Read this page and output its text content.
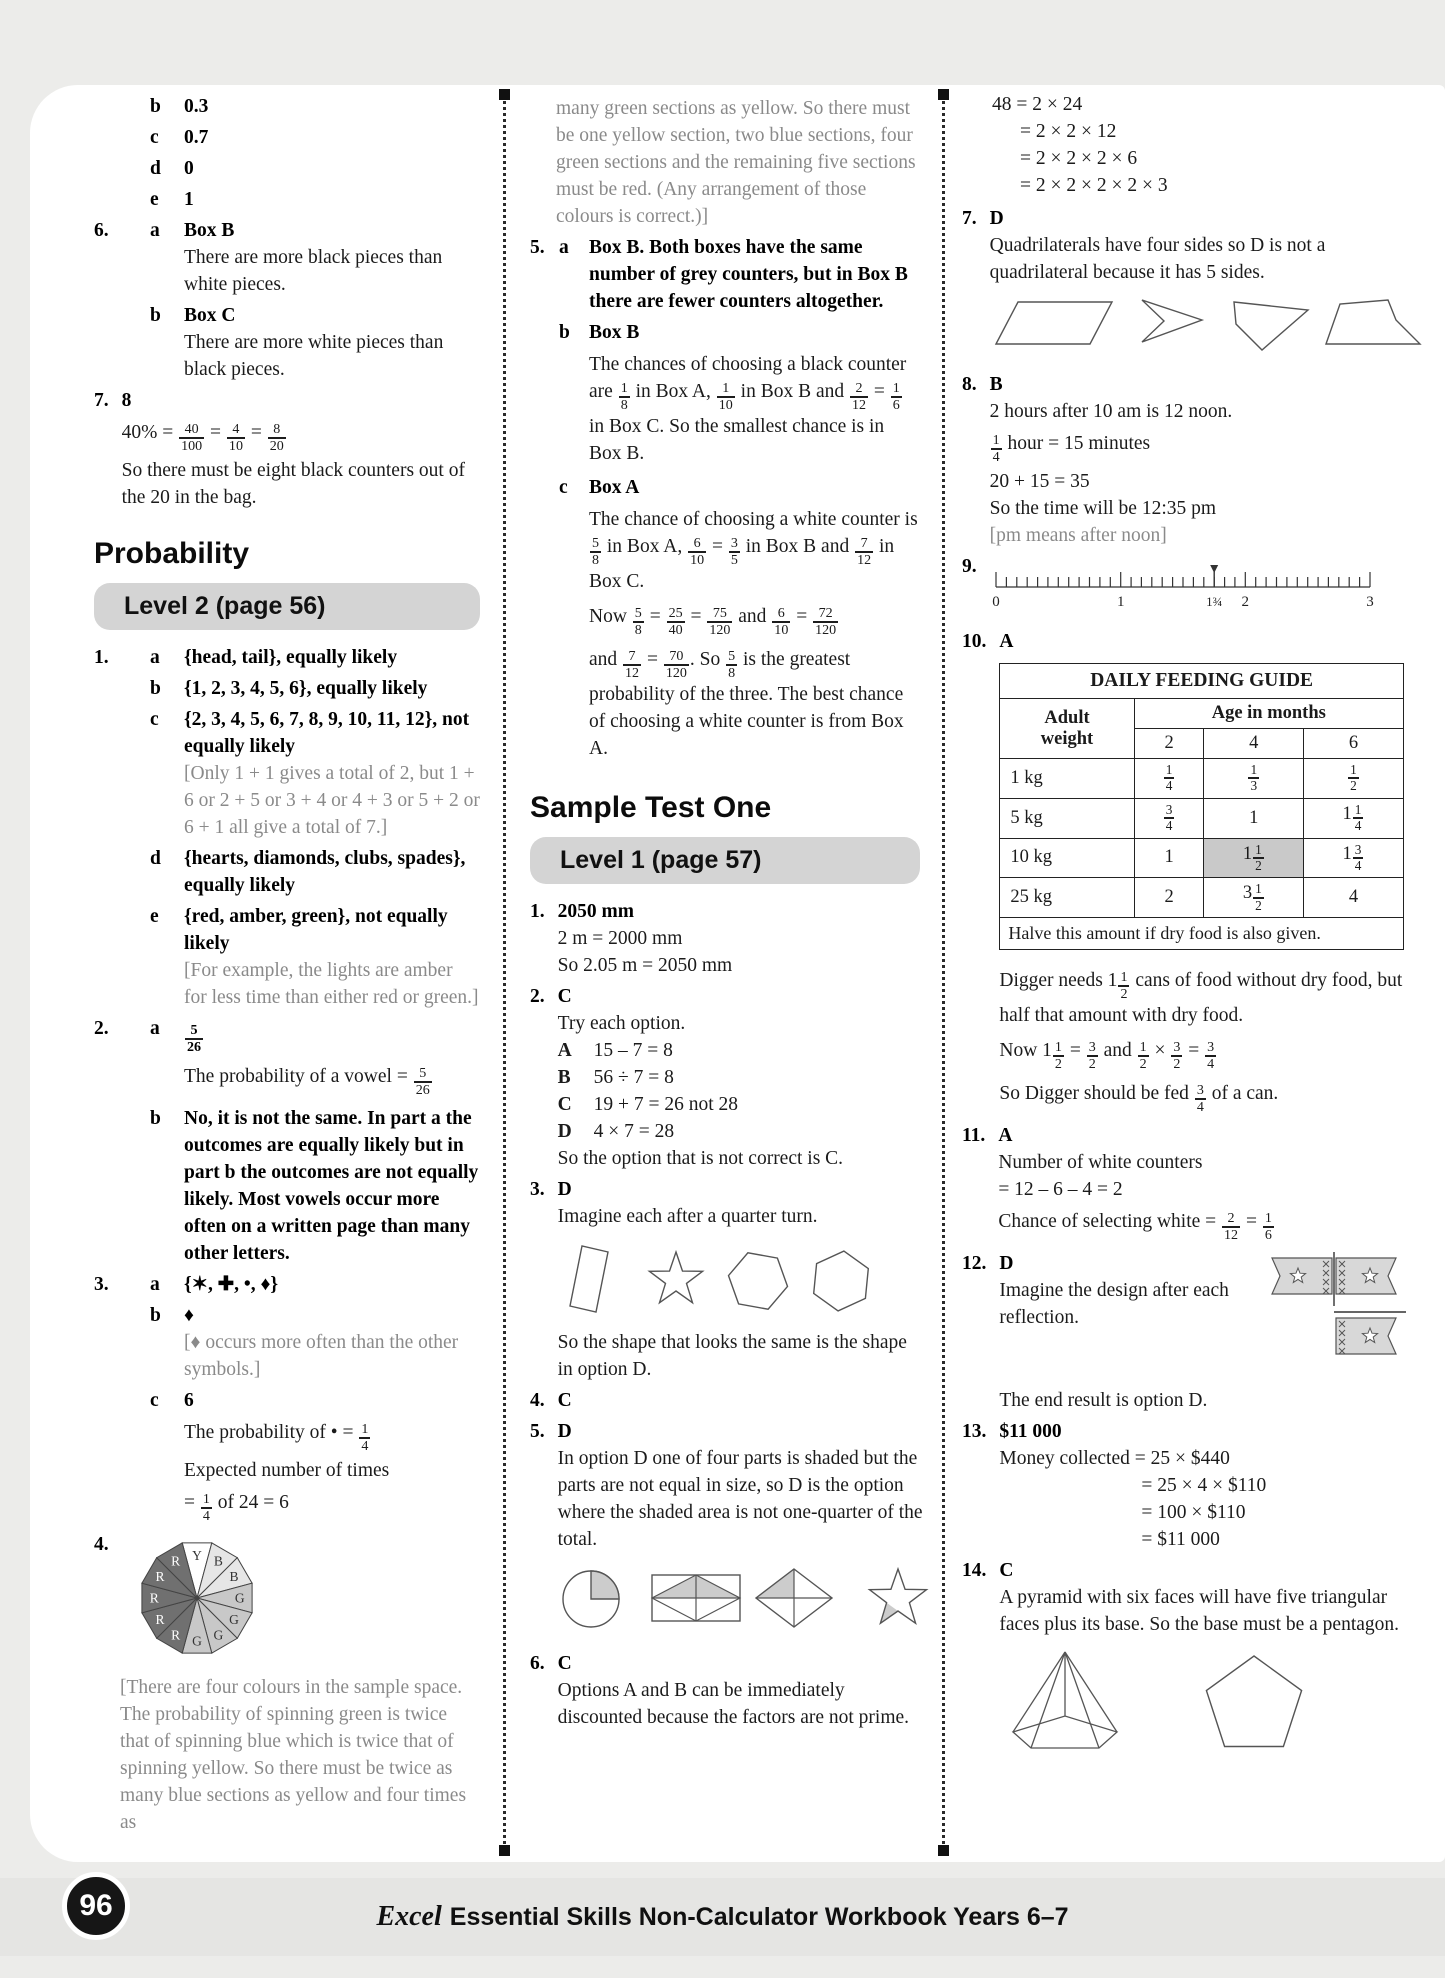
b	0.3
c	0.7
d	0
e	1
6.	a	Box B
There are more black pieces than white pieces.
b	Box C
There are more white pieces than black pieces.
7. 8
$40\% = \frac{40}{100} = \frac{4}{10} = \frac{8}{20}$
So there must be eight black counters out of the 20 in the bag.
Probability
Level 2 (page 56)
1.	a	{head, tail}, equally likely
b	{1, 2, 3, 4, 5, 6}, equally likely
c	{2, 3, 4, 5, 6, 7, 8, 9, 10, 11, 12}, not equally likely
[Only 1 + 1 gives a total of 2, but 1 + 6 or 2 + 5 or 3 + 4 or 4 + 3 or 5 + 2 or 6 + 1 all give a total of 7.]
d	{hearts, diamonds, clubs, spades}, equally likely
e	{red, amber, green}, not equally likely
[For example, the lights are amber for less time than either red or green.]
2.	a	$\frac{5}{26}$
The probability of a vowel = $\frac{5}{26}$
b	No, it is not the same. In part a the outcomes are equally likely but in part b the outcomes are not equally likely. Most vowels occur more often on a written page than many other letters.
3.	a	{✶, ✚, •, ♦}
b	♦
[♦ occurs more often than the other symbols.]
c	6
The probability of • = $\frac{1}{4}$
Expected number of times
= $\frac{1}{4}$ of 24 = 6
4.
Y B
B
G
G
G
G
R
R
R
R
R
[There are four colours in the sample space. The probability of spinning green is twice that of spinning blue which is twice that of spinning yellow. So there must be twice as many blue sections as yellow and four times as
many green sections as yellow. So there must be one yellow section, two blue sections, four green sections and the remaining five sections must be red. (Any arrangement of those colours is correct.)]
5. a	Box B. Both boxes have the same number of grey counters, but in Box B there are fewer counters altogether.
b Box B
The chances of choosing a black counter are $\frac{1}{8}$ in Box A, $\frac{1}{10}$ in Box B and $\frac{2}{12} = \frac{1}{6}$
in Box C. So the smallest chance is in Box B.
c	Box A
The chance of choosing a white counter is
$\frac{5}{8}$ in Box A, $\frac{6}{10} = \frac{3}{5}$ in Box B and $\frac{7}{12}$ in Box C.
Now $\frac{5}{8} = \frac{25}{40} = \frac{75}{120}$ and $\frac{6}{10} = \frac{72}{120}$
and $\frac{7}{12} = \frac{70}{120}$ . So $\frac{5}{8}$ is the greatest probability of the three. The best chance of choosing a white counter is from Box A.
Sample Test One
Level 1 (page 57)
1. 2050 mm
2 m = 2000 mm
So 2.05 m = 2050 mm
2. C
Try each option.
A 15 – 7 = 8
B 56 ÷ 7 = 8
C 19 + 7 = 26 not 28
D 4 × 7 = 28
So the option that is not correct is C.
3. D
Imagine each after a quarter turn.
So the shape that looks the same is the shape in option D.
4. C
5. D
In option D one of four parts is shaded but the parts are not equal in size, so D is the option where the shaded area is not one-quarter of the total.
6. C
Options A and B can be immediately discounted because the factors are not prime.
48 = 2 × 24
= 2 × 2 × 12
= 2 × 2 × 2 × 6
= 2 × 2 × 2 × 2 × 3
7. D
Quadrilaterals have four sides so D is not a quadrilateral because it has 5 sides.
8. B
2 hours after 10 am is 12 noon.
$\frac{1}{4}$ hour = 15 minutes
20 + 15 = 35
So the time will be 12:35 pm
[pm means after noon]
9.
0	1	1¾ 2	3
10. A
DAILY FEEDING GUIDE			
Adult
weight	Age in months		
	2	4	6
1 kg	$\frac{1}{4}$	$\frac{1}{3}$	$\frac{1}{2}$

5 kg	$\frac{3}{4}$	1	$1 \frac{1}{4}$

10 kg	1	$1 \frac{1}{2}$	$1 \frac{3}{4}$

25 kg	2	$3 \frac{1}{2}$	4
Halve this amount if dry food is also given.			
Digger needs $1 \frac{1}{2}$ cans of food without dry food, but half that amount with dry food.
Now $1 \frac{1}{2} = \frac{3}{2}$ and $\frac{1}{2} \times \frac{3}{2} = \frac{3}{4}$
So Digger should be fed $\frac{3}{4}$ of a can.
11. A
Number of white counters
= 12 – 6 – 4 = 2
Chance of selecting white = $\frac{2}{12} = \frac{1}{6}$
12. D
Imagine the design after each reflection.
The end result is option D.
13. $11 000
Money collected = 25 × $440
= 25 × 4 × $110
= 100 × $110
= $11 000
14. C
A pyramid with six faces will have five triangular faces plus its base. So the base must be a pentagon.
Excel Essential Skills Non-Calculator Workbook Years 6–7
96
